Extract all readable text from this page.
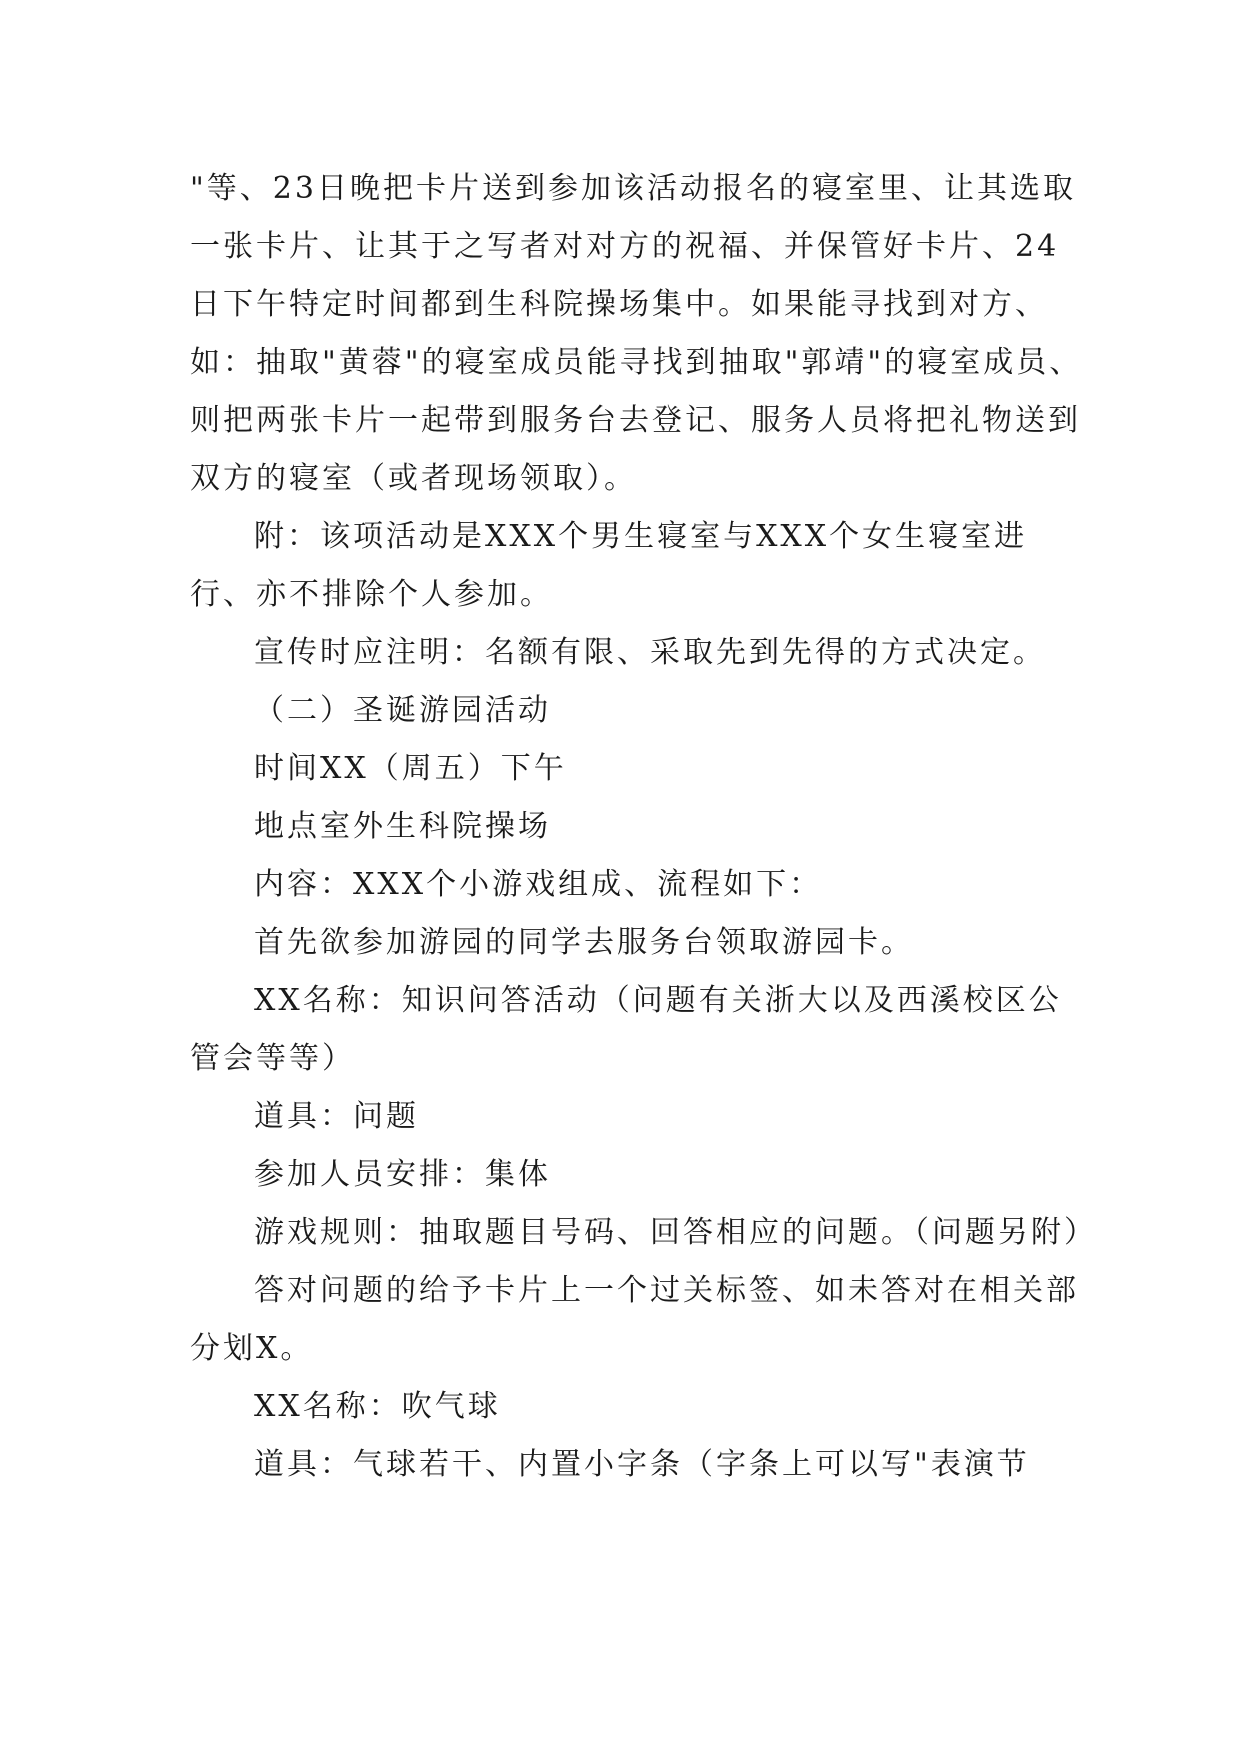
"等、23日晚把卡片送到参加该活动报名的寝室里、让其选取一张卡片、让其于之写者对对方的祝福、并保管好卡片、24日下午特定时间都到生科院操场集中。如果能寻找到对方、如：抽取"黄蓉"的寝室成员能寻找到抽取"郭靖"的寝室成员、则把两张卡片一起带到服务台去登记、服务人员将把礼物送到双方的寝室（或者现场领取）。

附：该项活动是XXX个男生寝室与XXX个女生寝室进行、亦不排除个人参加。

宣传时应注明：名额有限、采取先到先得的方式决定。

（二）圣诞游园活动

时间XX（周五）下午

地点室外生科院操场

内容：XXX个小游戏组成、流程如下：

首先欲参加游园的同学去服务台领取游园卡。

XX名称：知识问答活动（问题有关浙大以及西溪校区公管会等等）

道具：问题

参加人员安排：集体

游戏规则：抽取题目号码、回答相应的问题。（问题另附）

答对问题的给予卡片上一个过关标签、如未答对在相关部分划X。

XX名称：吹气球

道具：气球若干、内置小字条（字条上可以写"表演节
